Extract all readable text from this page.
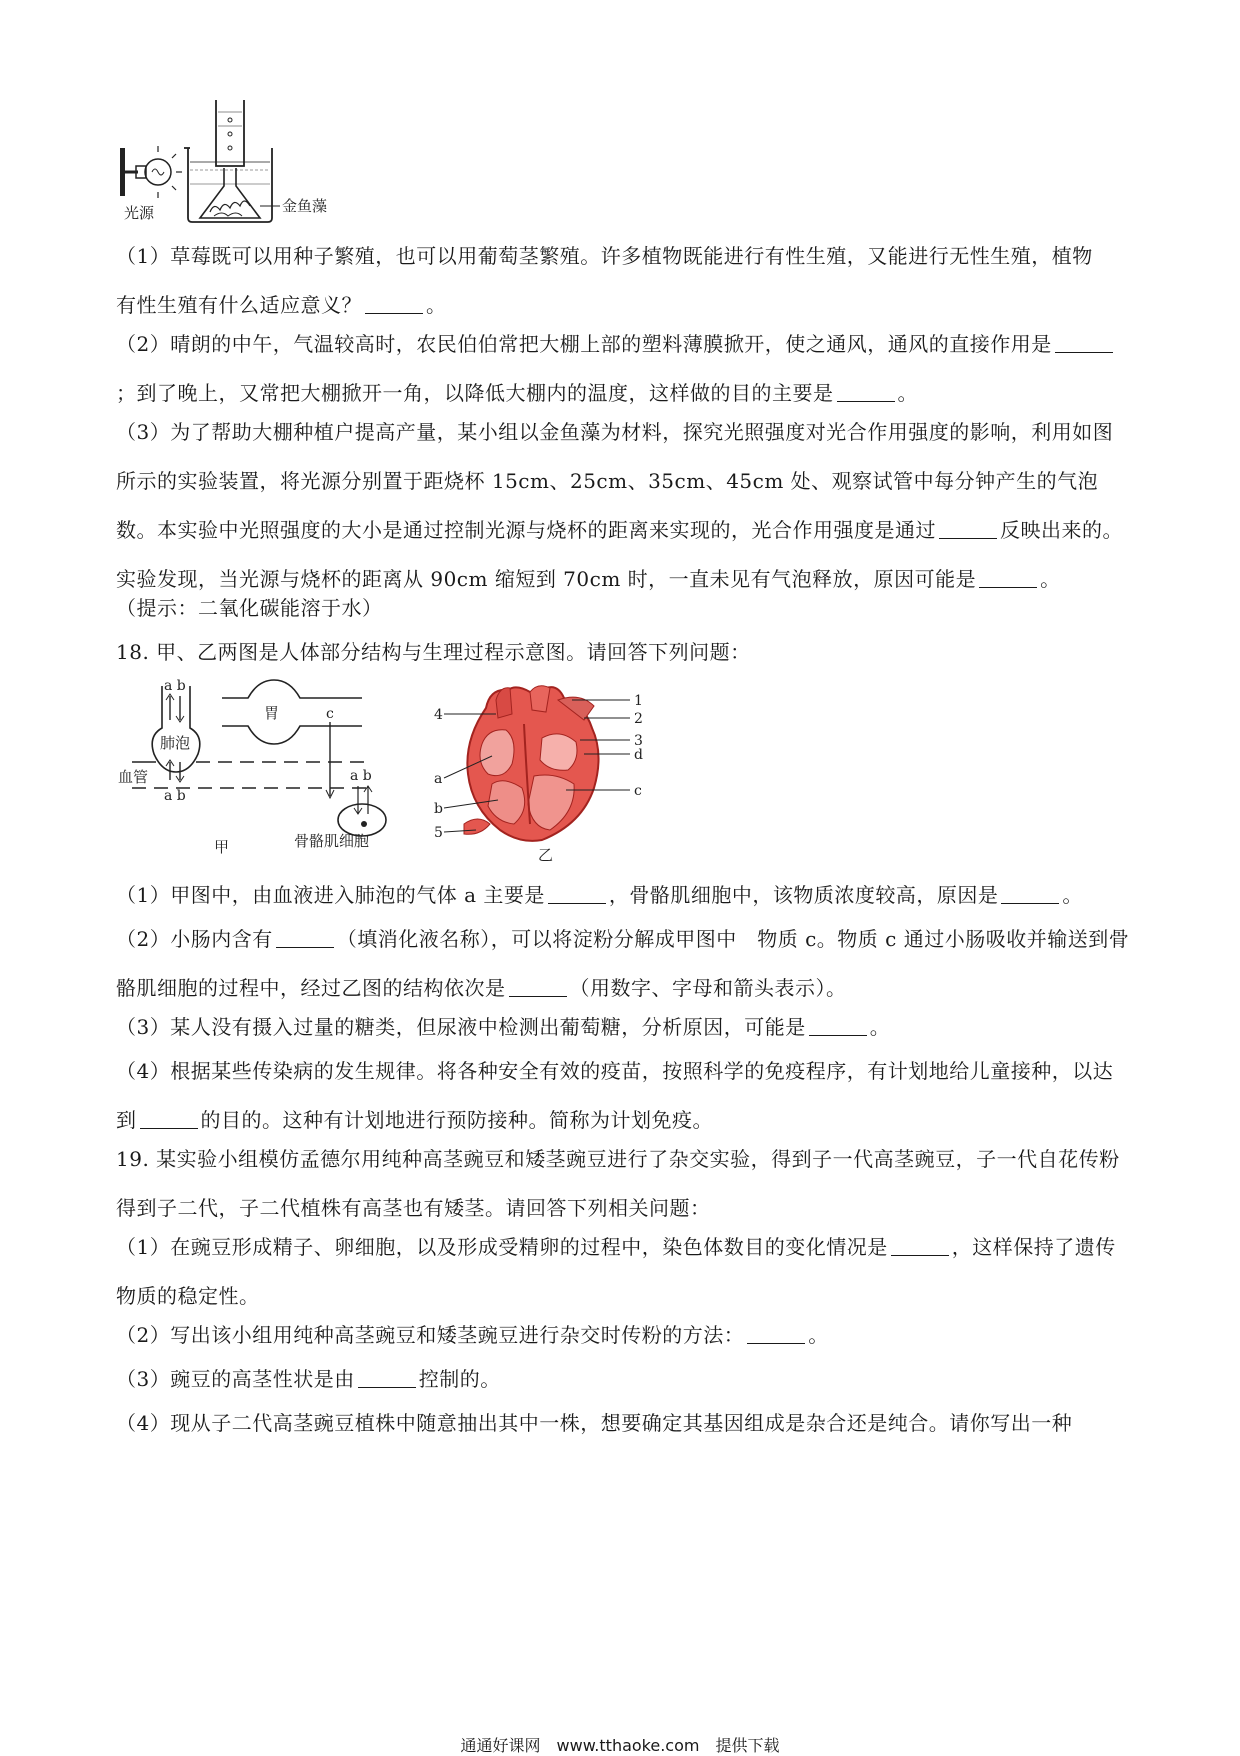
光源	金鱼藻

（1）草莓既可以用种子繁殖，也可以用葡萄茎繁殖。许多植物既能进行有性生殖，又能进行无性生殖，植物　有性生殖有什么适应意义？	。

（2）晴朗的中午，气温较高时，农民伯伯常把大棚上部的塑料薄膜掀开，使之通风，通风的直接作用是；到了晚上，又常把大棚掀开一角，以降低大棚内的温度，这样做的目的主要是	。

（3）为了帮助大棚种植户提高产量，某小组以金鱼藻为材料，探究光照强度对光合作用强度的影响，利用如图所示的实验装置，将光源分别置于距烧杯 15cm、25cm、35cm、45cm 处、观察试管中每分钟产生的气泡数。本实验中光照强度的大小是通过控制光源与烧杯的距离来实现的，光合作用强度是通过	反映出来的。实验发现，当光源与烧杯的距离从 90cm 缩短到 70cm 时，一直未见有气泡释放，原因可能是	。

（提示：二氧化碳能溶于水）

18. 甲、乙两图是人体部分结构与生理过程示意图。请回答下列问题：

肺泡
a b
a b
血管
胃	c
a b
骨骼肌细胞
甲
1
2
3
d
c
4
a
b
5
乙

（1）甲图中，由血液进入肺泡的气体 a 主要是	，骨骼肌细胞中，该物质浓度较高，原因是	。

（2）小肠内含有	（填消化液名称），可以将淀粉分解成甲图中　物质 c。物质 c 通过小肠吸收并输送到骨骼肌细胞的过程中，经过乙图的结构依次是	（用数字、字母和箭头表示）。

（3）某人没有摄入过量的糖类，但尿液中检测出葡萄糖，分析原因，可能是	。

（4）根据某些传染病的发生规律。将各种安全有效的疫苗，按照科学的免疫程序，有计划地给儿童接种，以达到	的目的。这种有计划地进行预防接种。简称为计划免疫。

19. 某实验小组模仿孟德尔用纯种高茎豌豆和矮茎豌豆进行了杂交实验，得到子一代高茎豌豆，子一代自花传粉得到子二代，子二代植株有高茎也有矮茎。请回答下列相关问题：

（1）在豌豆形成精子、卵细胞，以及形成受精卵的过程中，染色体数目的变化情况是	，这样保持了遗传物质的稳定性。

（2）写出该小组用纯种高茎豌豆和矮茎豌豆进行杂交时传粉的方法：	。

（3）豌豆的高茎性状是由	控制的。

（4）现从子二代高茎豌豆植株中随意抽出其中一株，想要确定其基因组成是杂合还是纯合。请你写出一种

通通好课网　www.tthaoke.com　提供下载
